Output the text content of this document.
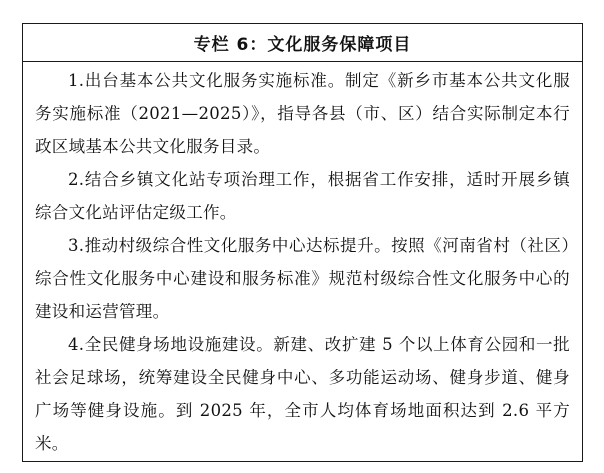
专栏 6：文化服务保障项目

1.出台基本公共文化服务实施标准。制定《新乡市基本公共文化服务实施标准（2021—2025）》，指导各县（市、区）结合实际制定本行政区域基本公共文化服务目录。

2.结合乡镇文化站专项治理工作，根据省工作安排，适时开展乡镇综合文化站评估定级工作。

3.推动村级综合性文化服务中心达标提升。按照《河南省村（社区）综合性文化服务中心建设和服务标准》规范村级综合性文化服务中心的建设和运营管理。

4.全民健身场地设施建设。新建、改扩建 5 个以上体育公园和一批社会足球场，统筹建设全民健身中心、多功能运动场、健身步道、健身广场等健身设施。到 2025 年，全市人均体育场地面积达到 2.6 平方米。
